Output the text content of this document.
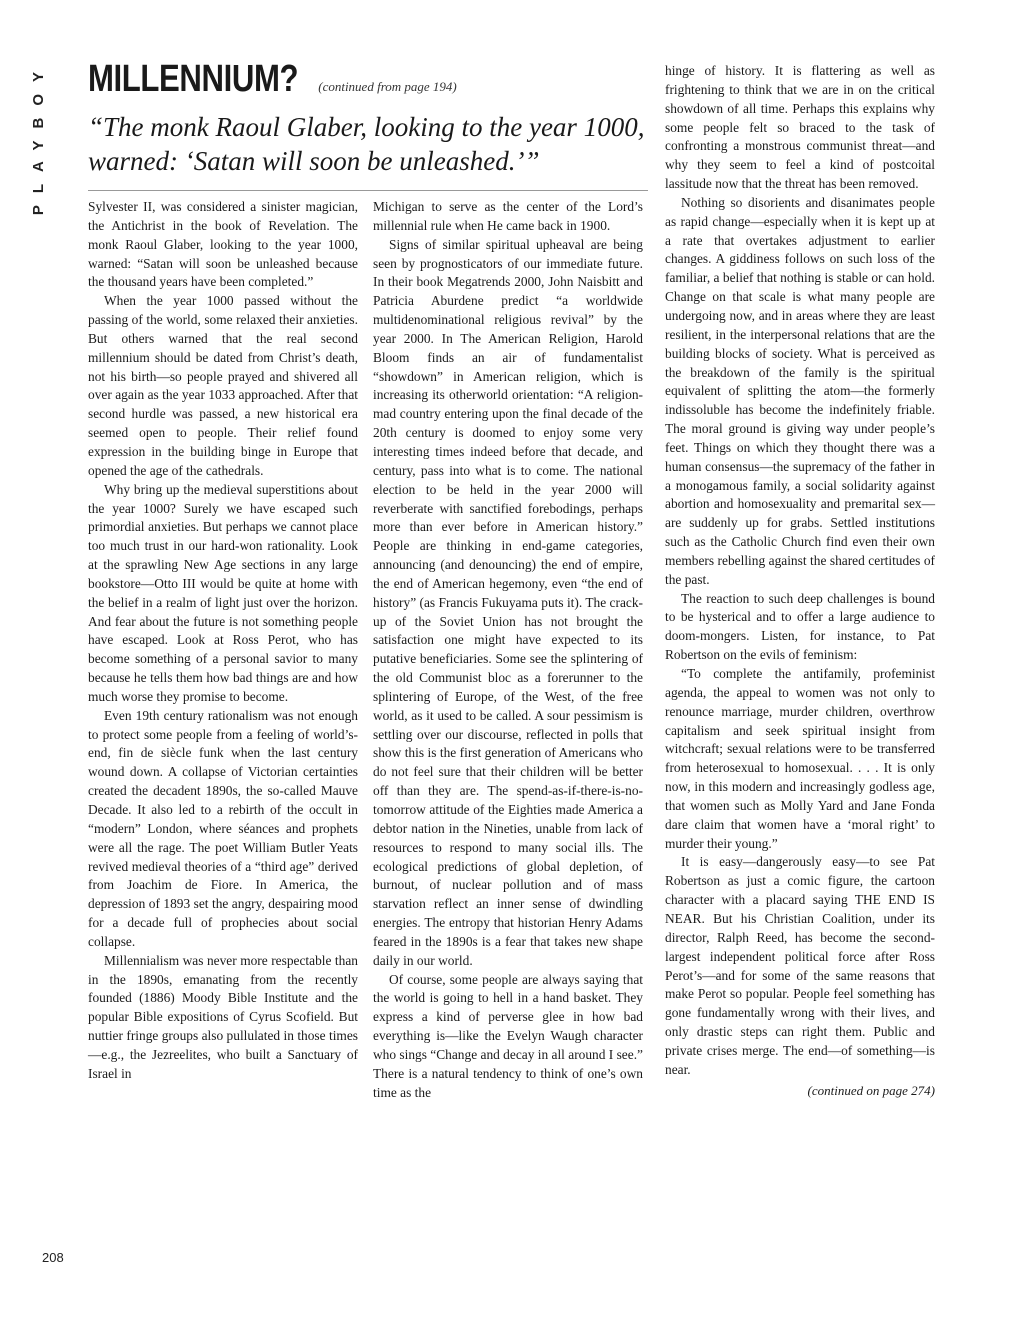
PLAYBOY MILLENNIUM? (continued from page 194)
“The monk Raoul Glaber, looking to the year 1000, warned: ‘Satan will soon be unleashed.’”

Sylvester II, was considered a sinister magician, the Antichrist in the book of Revelation. The monk Raoul Glaber, looking to the year 1000, warned: “Satan will soon be unleashed because the thousand years have been completed.”

When the year 1000 passed without the passing of the world, some relaxed their anxieties. But others warned that the real second millennium should be dated from Christ’s death, not his birth—so people prayed and shivered all over again as the year 1033 approached. After that second hurdle was passed, a new historical era seemed open to people. Their relief found expression in the building binge in Europe that opened the age of the cathedrals.

Why bring up the medieval superstitions about the year 1000? Surely we have escaped such primordial anxieties. But perhaps we cannot place too much trust in our hard-won rationality. Look at the sprawling New Age sections in any large bookstore—Otto III would be quite at home with the belief in a realm of light just over the horizon. And fear about the future is not something people have escaped. Look at Ross Perot, who has become something of a personal savior to many because he tells them how bad things are and how much worse they promise to become.

Even 19th century rationalism was not enough to protect some people from a feeling of world’s-end, fin de siècle funk when the last century wound down. A collapse of Victorian certainties created the decadent 1890s, the so-called Mauve Decade. It also led to a rebirth of the occult in “modern” London, where séances and prophets were all the rage. The poet William Butler Yeats revived medieval theories of a “third age” derived from Joachim de Fiore. In America, the depression of 1893 set the angry, despairing mood for a decade full of prophecies about social collapse.

Millennialism was never more respectable than in the 1890s, emanating from the recently founded (1886) Moody Bible Institute and the popular Bible expositions of Cyrus Scofield. But nuttier fringe groups also pullulated in those times—e.g., the Jezreelites, who built a Sanctuary of Israel in

Michigan to serve as the center of the Lord’s millennial rule when He came back in 1900.

Signs of similar spiritual upheaval are being seen by prognosticators of our immediate future. In their book Megatrends 2000, John Naisbitt and Patricia Aburdene predict “a worldwide multidenominational religious revival” by the year 2000. In The American Religion, Harold Bloom finds an air of fundamentalist “showdown” in American religion, which is increasing its otherworld orientation: “A religion-mad country entering upon the final decade of the 20th century is doomed to enjoy some very interesting times indeed before that decade, and century, pass into what is to come. The national election to be held in the year 2000 will reverberate with sanctified forebodings, perhaps more than ever before in American history.” People are thinking in end-game categories, announcing (and denouncing) the end of empire, the end of American hegemony, even “the end of history” (as Francis Fukuyama puts it). The crack-up of the Soviet Union has not brought the satisfaction one might have expected to its putative beneficiaries. Some see the splintering of the old Communist bloc as a forerunner to the splintering of Europe, of the West, of the free world, as it used to be called. A sour pessimism is settling over our discourse, reflected in polls that show this is the first generation of Americans who do not feel sure that their children will be better off than they are. The spend-as-if-there-is-no-tomorrow attitude of the Eighties made America a debtor nation in the Nineties, unable from lack of resources to respond to many social ills. The ecological predictions of global depletion, of burnout, of nuclear pollution and of mass starvation reflect an inner sense of dwindling energies. The entropy that historian Henry Adams feared in the 1890s is a fear that takes new shape daily in our world.

Of course, some people are always saying that the world is going to hell in a hand basket. They express a kind of perverse glee in how bad everything is—like the Evelyn Waugh character who sings “Change and decay in all around I see.” There is a natural tendency to think of one’s own time as the

hinge of history. It is flattering as well as frightening to think that we are in on the critical showdown of all time. Perhaps this explains why some people felt so braced to the task of confronting a monstrous communist threat—and why they seem to feel a kind of postcoital lassitude now that the threat has been removed.

Nothing so disorients and disanimates people as rapid change—especially when it is kept up at a rate that overtakes adjustment to earlier changes. A giddiness follows on such loss of the familiar, a belief that nothing is stable or can hold. Change on that scale is what many people are undergoing now, and in areas where they are least resilient, in the interpersonal relations that are the building blocks of society. What is perceived as the breakdown of the family is the spiritual equivalent of splitting the atom—the formerly indissoluble has become the indefinitely friable. The moral ground is giving way under people’s feet. Things on which they thought there was a human consensus—the supremacy of the father in a monogamous family, a social solidarity against abortion and homosexuality and premarital sex—are suddenly up for grabs. Settled institutions such as the Catholic Church find even their own members rebelling against the shared certitudes of the past.

The reaction to such deep challenges is bound to be hysterical and to offer a large audience to doom-mongers. Listen, for instance, to Pat Robertson on the evils of feminism:

“To complete the antifamily, profeminist agenda, the appeal to women was not only to renounce marriage, murder children, overthrow capitalism and seek spiritual insight from witchcraft; sexual relations were to be transferred from heterosexual to homosexual. . . . It is only now, in this modern and increasingly godless age, that women such as Molly Yard and Jane Fonda dare claim that women have a ‘moral right’ to murder their young.”

It is easy—dangerously easy—to see Pat Robertson as just a comic figure, the cartoon character with a placard saying THE END IS NEAR. But his Christian Coalition, under its director, Ralph Reed, has become the second-largest independent political force after Ross Perot’s—and for some of the same reasons that make Perot so popular. People feel something has gone fundamentally wrong with their lives, and only drastic steps can right them. Public and private crises merge. The end—of something—is near.

(continued on page 274)
208
